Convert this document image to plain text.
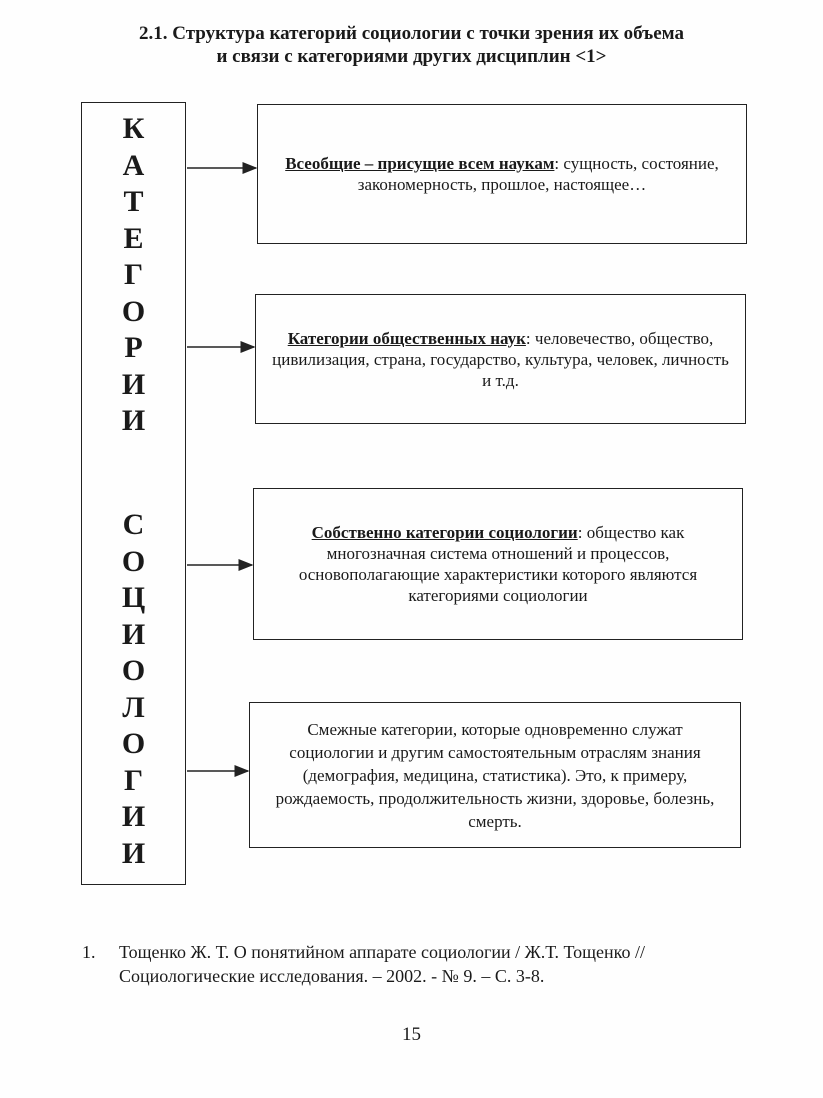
2.1. Структура категорий социологии с точки зрения их объема
и связи с категориями других дисциплин <1>
К
А
Т
Е
Г
О
Р
И
И
С
О
Ц
И
О
Л
О
Г
И
И
Всеобщие – присущие всем наукам: сущность, состояние, закономерность, прошлое, настоящее…
Категории общественных наук: человечество, общество, цивилизация, страна, государство, культура, человек, личность и т.д.
Собственно категории социологии: общество как многозначная система отношений и процессов, основополагающие характеристики которого являются категориями социологии
Смежные категории, которые одновременно служат социологии и другим самостоятельным отраслям знания (демография, медицина, статистика). Это, к примеру, рождаемость, продолжительность жизни, здоровье, болезнь, смерть.
1. Тощенко Ж. Т. О понятийном аппарате социологии / Ж.Т. Тощенко // Социологические исследования. – 2002. - № 9. – С. 3-8.
15
